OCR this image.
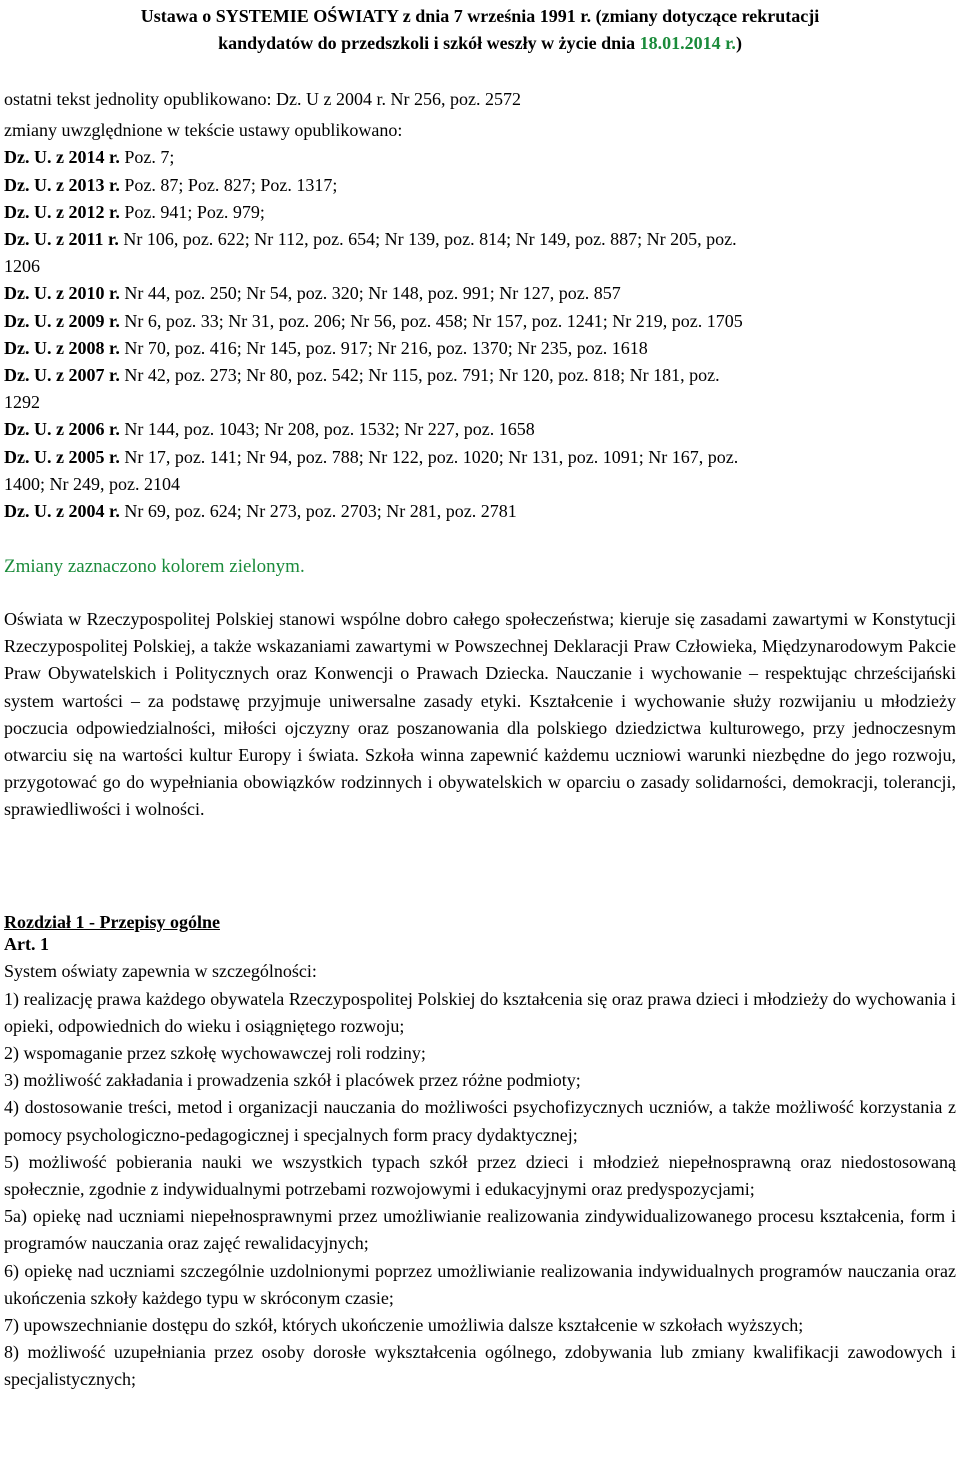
Ustawa o SYSTEMIE OŚWIATY z dnia 7 września 1991 r. (zmiany dotyczące rekrutacji
kandydatów do przedszkoli i szkół weszły w życie dnia 18.01.2014 r.)
ostatni tekst jednolity opublikowano: Dz. U z 2004 r. Nr 256, poz. 2572
zmiany uwzględnione w tekście ustawy opublikowano:
Dz. U. z 2014 r. Poz. 7;
Dz. U. z 2013 r. Poz. 87; Poz. 827; Poz. 1317;
Dz. U. z 2012 r. Poz. 941; Poz. 979;
Dz. U. z 2011 r. Nr 106, poz. 622; Nr 112, poz. 654; Nr 139, poz. 814; Nr 149, poz. 887; Nr 205, poz.
1206
Dz. U. z 2010 r. Nr 44, poz. 250; Nr 54, poz. 320; Nr 148, poz. 991; Nr 127, poz. 857
Dz. U. z 2009 r. Nr 6, poz. 33; Nr 31, poz. 206; Nr 56, poz. 458; Nr 157, poz. 1241; Nr 219, poz. 1705
Dz. U. z 2008 r. Nr 70, poz. 416; Nr 145, poz. 917; Nr 216, poz. 1370; Nr 235, poz. 1618
Dz. U. z 2007 r. Nr 42, poz. 273; Nr 80, poz. 542; Nr 115, poz. 791; Nr 120, poz. 818; Nr 181, poz.
1292
Dz. U. z 2006 r. Nr 144, poz. 1043; Nr 208, poz. 1532; Nr 227, poz. 1658
Dz. U. z 2005 r. Nr 17, poz. 141; Nr 94, poz. 788; Nr 122, poz. 1020; Nr 131, poz. 1091; Nr 167, poz.
1400; Nr 249, poz. 2104
Dz. U. z 2004 r. Nr 69, poz. 624; Nr 273, poz. 2703; Nr 281, poz. 2781
Zmiany zaznaczono kolorem zielonym.
Oświata w Rzeczypospolitej Polskiej stanowi wspólne dobro całego społeczeństwa; kieruje się zasadami zawartymi w Konstytucji Rzeczypospolitej Polskiej, a także wskazaniami zawartymi w Powszechnej Deklaracji Praw Człowieka, Międzynarodowym Pakcie Praw Obywatelskich i Politycznych oraz Konwencji o Prawach Dziecka. Nauczanie i wychowanie – respektując chrześcijański system wartości – za podstawę przyjmuje uniwersalne zasady etyki. Kształcenie i wychowanie służy rozwijaniu u młodzieży poczucia odpowiedzialności, miłości ojczyzny oraz poszanowania dla polskiego dziedzictwa kulturowego, przy jednoczesnym otwarciu się na wartości kultur Europy i świata. Szkoła winna zapewnić każdemu uczniowi warunki niezbędne do jego rozwoju, przygotować go do wypełniania obowiązków rodzinnych i obywatelskich w oparciu o zasady solidarności, demokracji, tolerancji, sprawiedliwości i wolności.
Rozdział 1 - Przepisy ogólne
Art. 1
System oświaty zapewnia w szczególności:
1) realizację prawa każdego obywatela Rzeczypospolitej Polskiej do kształcenia się oraz prawa dzieci i młodzieży do wychowania i opieki, odpowiednich do wieku i osiągniętego rozwoju;
2) wspomaganie przez szkołę wychowawczej roli rodziny;
3) możliwość zakładania i prowadzenia szkół i placówek przez różne podmioty;
4) dostosowanie treści, metod i organizacji nauczania do możliwości psychofizycznych uczniów, a także możliwość korzystania z pomocy psychologiczno-pedagogicznej i specjalnych form pracy dydaktycznej;
5) możliwość pobierania nauki we wszystkich typach szkół przez dzieci i młodzież niepełnosprawną oraz niedostosowaną społecznie, zgodnie z indywidualnymi potrzebami rozwojowymi i edukacyjnymi oraz predyspozycjami;
5a) opiekę nad uczniami niepełnosprawnymi przez umożliwianie realizowania zindywidualizowanego procesu kształcenia, form i programów nauczania oraz zajęć rewalidacyjnych;
6) opiekę nad uczniami szczególnie uzdolnionymi poprzez umożliwianie realizowania indywidualnych programów nauczania oraz ukończenia szkoły każdego typu w skróconym czasie;
7) upowszechnianie dostępu do szkół, których ukończenie umożliwia dalsze kształcenie w szkołach wyższych;
8) możliwość uzupełniania przez osoby dorosłe wykształcenia ogólnego, zdobywania lub zmiany kwalifikacji zawodowych i specjalistycznych;
